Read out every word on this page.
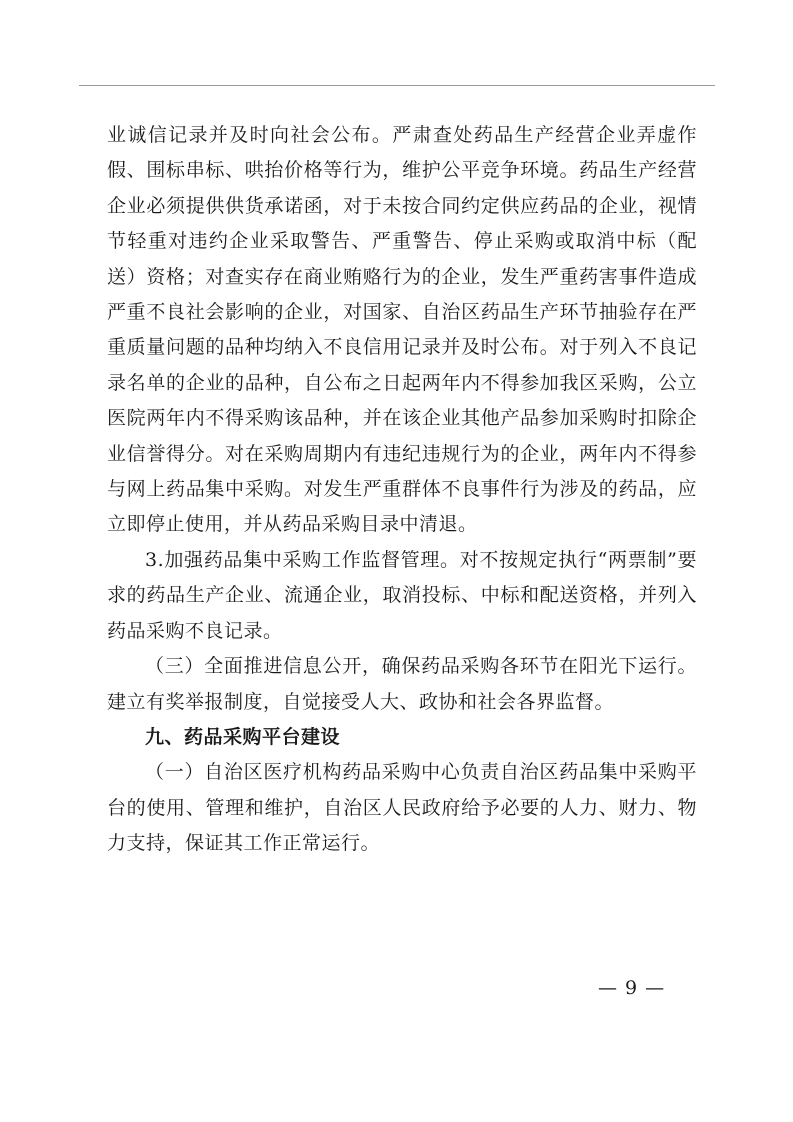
业诚信记录并及时向社会公布。严肃查处药品生产经营企业弄虚作假、围标串标、哄抬价格等行为，维护公平竞争环境。药品生产经营企业必须提供供货承诺函，对于未按合同约定供应药品的企业，视情节轻重对违约企业采取警告、严重警告、停止采购或取消中标（配送）资格；对查实存在商业贿赂行为的企业，发生严重药害事件造成严重不良社会影响的企业，对国家、自治区药品生产环节抽验存在严重质量问题的品种均纳入不良信用记录并及时公布。对于列入不良记录名单的企业的品种，自公布之日起两年内不得参加我区采购，公立医院两年内不得采购该品种，并在该企业其他产品参加采购时扣除企业信誉得分。对在采购周期内有违纪违规行为的企业，两年内不得参与网上药品集中采购。对发生严重群体不良事件行为涉及的药品，应立即停止使用，并从药品采购目录中清退。

3.加强药品集中采购工作监督管理。对不按规定执行“两票制”要求的药品生产企业、流通企业，取消投标、中标和配送资格，并列入药品采购不良记录。

（三）全面推进信息公开，确保药品采购各环节在阳光下运行。建立有奖举报制度，自觉接受人大、政协和社会各界监督。

九、药品采购平台建设

（一）自治区医疗机构药品采购中心负责自治区药品集中采购平台的使用、管理和维护，自治区人民政府给予必要的人力、财力、物力支持，保证其工作正常运行。

— 9 —
